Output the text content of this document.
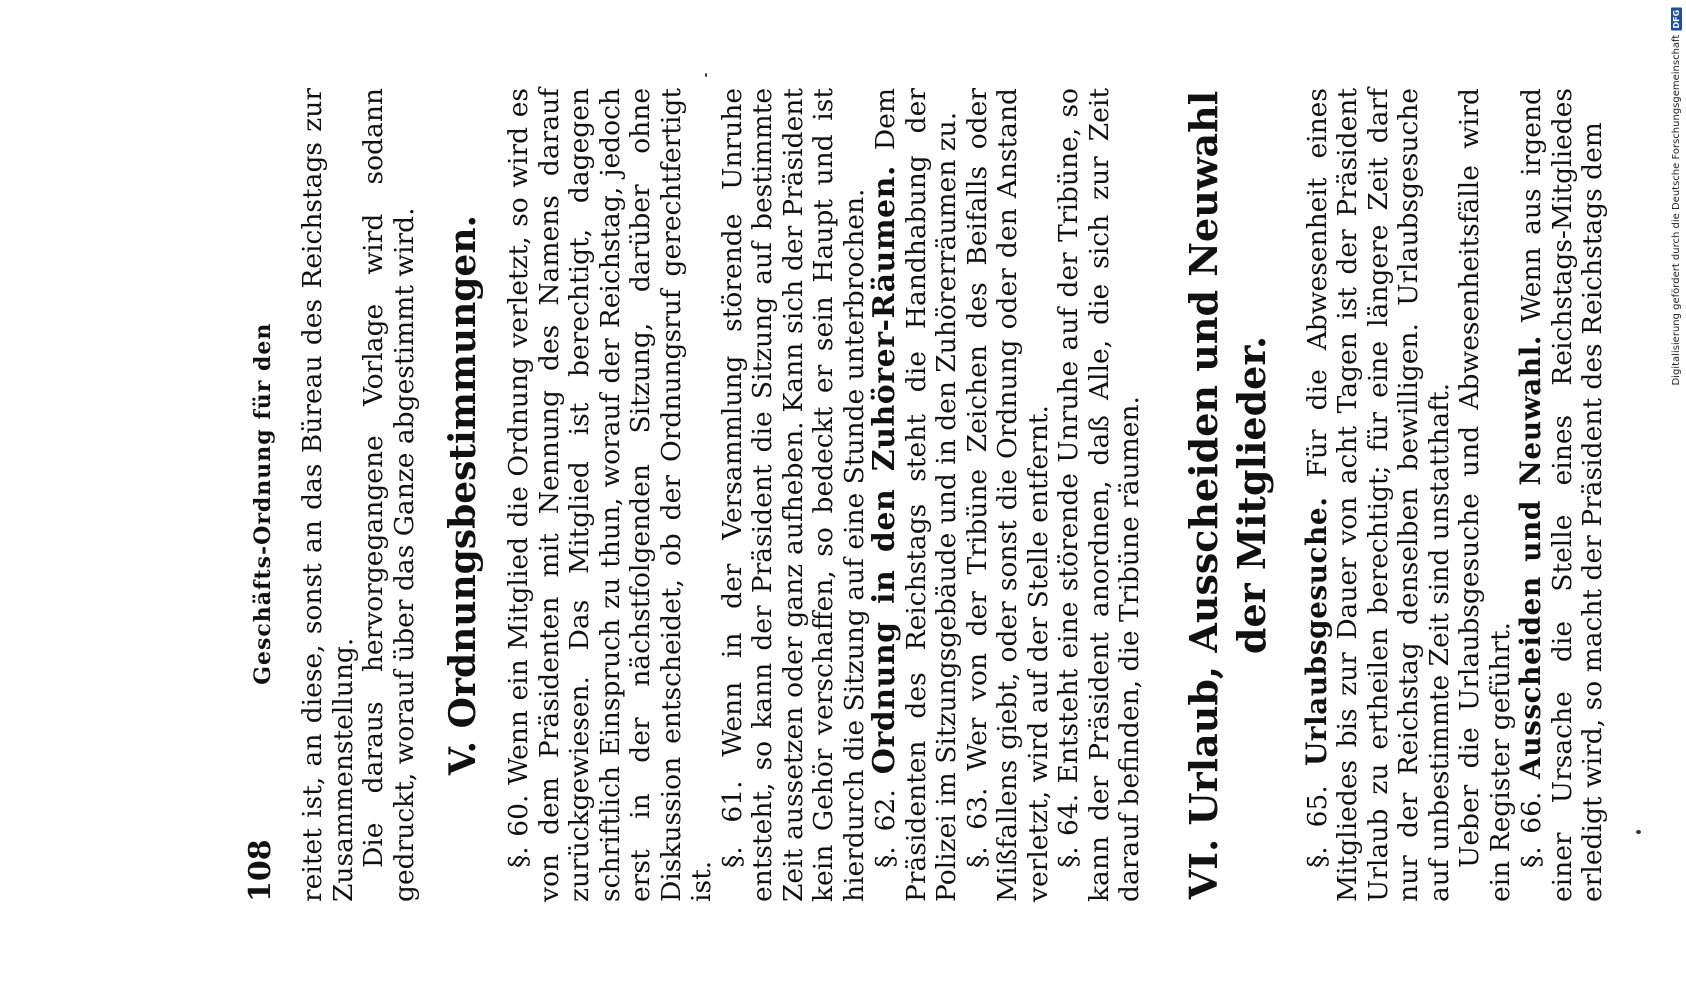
108
Geschäfts-Ordnung für den reitet ist, an diese, sonst an das Büreau des Reichstags zur Zusammenstellung. Die daraus hervorgegangene Vorlage wird sodann gedruckt, worauf über das Ganze abgestimmt wird. V. Ordnungsbestimmungen. §. 60. Wenn ein Mitglied die Ordnung verletzt, so wird es von dem Präsidenten mit Nennung des Namens darauf zurückgewiesen. Das Mitglied ist berechtigt, dagegen schriftlich Einspruch zu thun, worauf der Reichstag, jedoch erst in der nächstfolgenden Sitzung, darüber ohne Diskussion entscheidet, ob der Ordnungsruf gerechtfertigt ist.

§. 61. Wenn in der Versammlung störende Unruhe entsteht, so kann der Präsident die Sitzung auf bestimmte Zeit aussetzen oder ganz aufheben. Kann sich der Präsident kein Gehör verschaffen, so bedeckt er sein Haupt und ist hierdurch die Sitzung auf eine Stunde unterbrochen. §. 62. Ordnung in den Zuhörer-Räumen. Dem Präsidenten des Reichstags steht die Handhabung der Polizei im Sitzungsgebäude und in den Zuhörerräumen zu. §. 63. Wer von der Tribüne Zeichen des Beifalls oder Mißfallens giebt, oder sonst die Ordnung oder den Anstand verletzt, wird auf der Stelle entfernt. §. 64. Entsteht eine störende Unruhe auf der Tribüne, so kann der Präsident anordnen, daß Alle, die sich zur Zeit darauf befinden, die Tribüne räumen. VI. Urlaub, Ausscheiden und Neuwahl der Mitglieder.

§. 65. Urlaubsgesuche. Für die Abwesenheit eines Mitgliedes bis zur Dauer von acht Tagen ist der Präsident Urlaub zu ertheilen berechtigt; für eine längere Zeit darf nur der Reichstag denselben bewilligen. Urlaubsgesuche auf unbestimmte Zeit sind unstatthaft. Ueber die Urlaubsgesuche und Abwesenheitsfälle wird ein Register geführt. §. 66. Ausscheiden und Neuwahl. Wenn aus irgend einer Ursache die Stelle eines Reichstags-Mitgliedes erledigt wird, so macht der Präsident des Reichstags dem	Digitalisierung gefördert durch die Deutsche Forschungsgemeinschaft
DFG
